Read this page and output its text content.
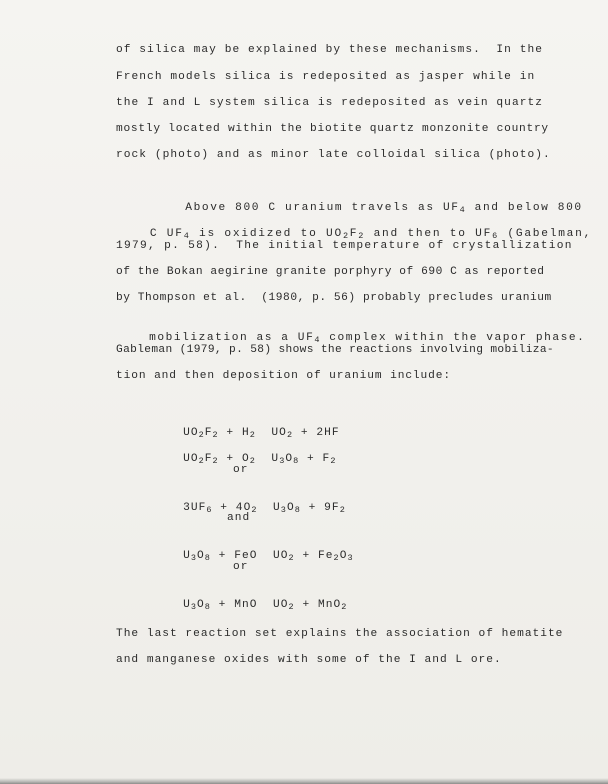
of silica may be explained by these mechanisms.  In the
French models silica is redeposited as jasper while in
the I and L system silica is redeposited as vein quartz
mostly located within the biotite quartz monzonite country
rock (photo) and as minor late colloidal silica (photo).

Above 800 C uranium travels as $UF_4$ and below 800

C $UF_4$ is oxidized to $UO_2F_2$ and then to $UF_6$ (Gabelman,

1979, p. 58).  The initial temperature of crystallization
of the Bokan aegirine granite porphyry of 690 C as reported
by Thompson et al.  (1980, p. 56) probably precludes uranium

mobilization as a $UF_4$ complex within the vapor phase.

Gableman (1979, p. 58) shows the reactions involving mobiliza-
tion and then deposition of uranium include:

$UO_2F_2 + H_2$  $UO_2 + 2HF$

$UO_2F_2 + O_2$  $U_3O_8 + F_2$

or

$3UF_6 + 4O_2$  $U_3O_8 + 9F_2$

and

$U_3O_8$ + FeO  $UO_2 + Fe_2O_3$

or

$U_3O_8$ + MnO  $UO_2 + MnO_2$

The last reaction set explains the association of hematite
and manganese oxides with some of the I and L ore.
